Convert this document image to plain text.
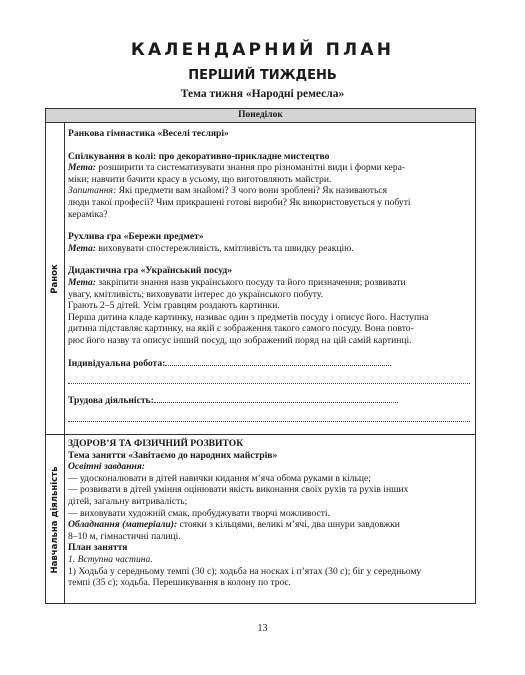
КАЛЕНДАРНИЙ ПЛАН
ПЕРШИЙ ТИЖДЕНЬ

Тема тижня «Народні ремесла»

Понеділок
Ранок
Навчальна діяльність

Ранкова гімнастика «Веселі теслярі»

Спілкування в колі: про декоративно-прикладне мистецтво

Мета: розширити та систематизувати знання про різноманітні види і форми кера-

міки; навчити бачити красу в усьому, що виготовляють майстри.

Запитання: Які предмети вам знайомі? З чого вони зроблені? Як називаються

люди такої професії? Чим прикрашені готові вироби? Як використовується у побуті

кераміка?

Рухлива гра «Бережи предмет»

Мета: виховувати спостережливість, кмітливість та швидку реакцію.

Дидактична гра «Український посуд»

Мета: закріпити знання назв українського посуду та його призначення; розвивати

увагу, кмітливість; виховувати інтерес до українського побуту.

Грають 2–5 дітей. Усім гравцям роздають картинки.

Перша дитина кладе картинку, називає один з предметів посуду і описує його. Наступна

дитина підставляє картинку, на якій є зображення такого самого посуду. Вона повто-

рює його назву та описує інший посуд, що зображений поряд на цій самій картинці.

Індивідуальна робота:

Трудова діяльність:

ЗДОРОВ’Я ТА ФІЗИЧНИЙ РОЗВИТОК

Тема заняття «Завітаємо до народних майстрів»

Освітні завдання:

— удосконалювати в дітей навички кидання м’яча обома руками в кільце;

— розвивати в дітей уміння оцінювати якість виконання своїх рухів та рухів інших

дітей, загальну витривалість;

— виховувати художній смак, пробуджувати творчі можливості.

Обладнання (матеріали): стояки з кільцями, великі м’ячі, два шнури завдовжки

8–10 м, гімнастичні палиці.

План заняття

1. Вступна частина.

1) Ходьба у середньому темпі (30 с); ходьба на носках і п’ятах (30 с); біг у середньому

темпі (35 с); ходьба. Перешикування в колону по троє.

13
